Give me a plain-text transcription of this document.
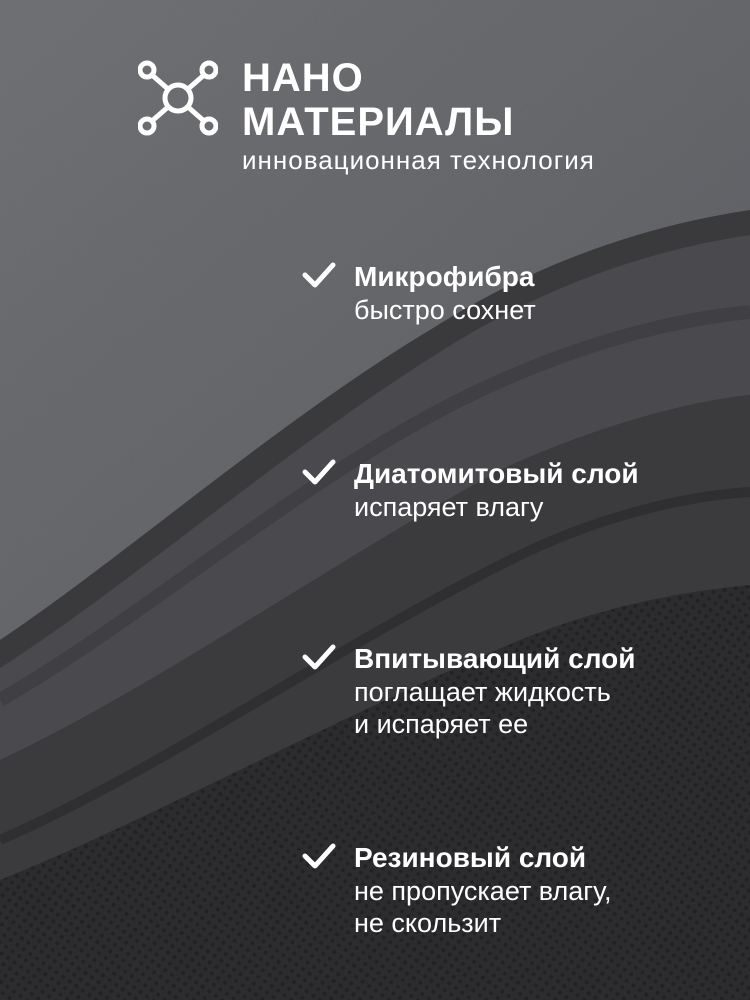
НАНО
МАТЕРИАЛЫ
инновационная технология
Микрофибра
быстро сохнет
Диатомитовый слой
испаряет влагу
Впитывающий слой
поглащает жидкость
и испаряет ее
Резиновый слой
не пропускает влагу,
не скользит
